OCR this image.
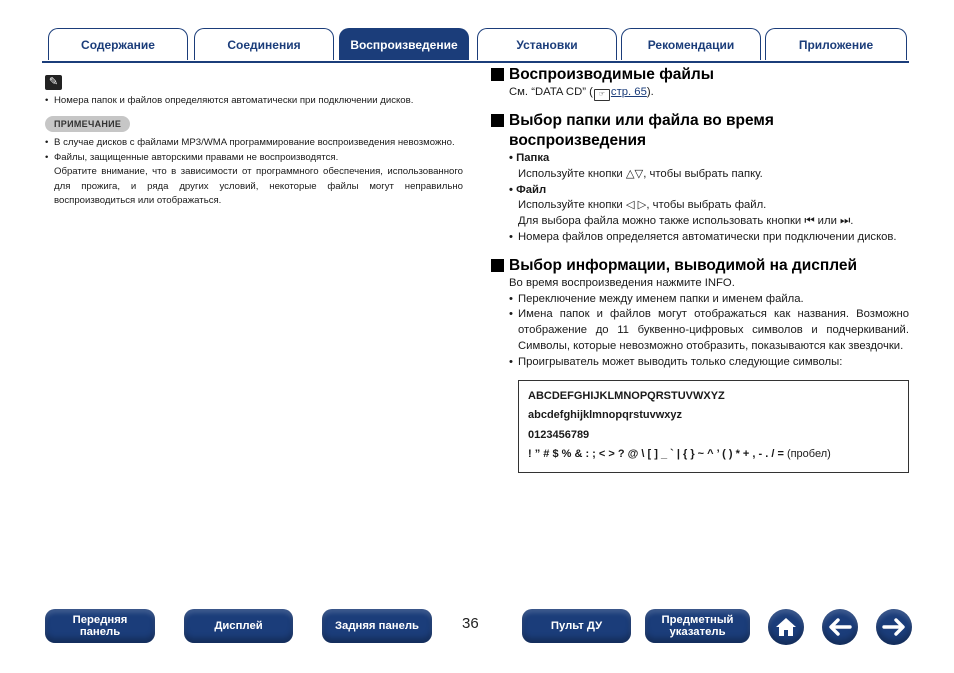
Содержание	Соединения	Воспроизведение	Установки	Рекомендации	Приложение
✎
• Номера папок и файлов определяются автоматически при подключении дисков.
ПРИМЕЧАНИЕ
• В случае дисков с файлами MP3/WMA программирование воспроизведения невозможно.
• Файлы, защищенные авторскими правами не воспроизводятся.
Обратите внимание, что в зависимости от программного обеспечения, использованного для прожига, и ряда других условий, некоторые файлы могут неправильно воспроизводиться или отображаться.
Воспроизводимые файлы
См. “DATA CD” ( ☞ стр. 65).
Выбор папки или файла во время воспроизведения
• Папка
Используйте кнопки △▽, чтобы выбрать папку.
• Файл
Используйте кнопки ◁ ▷, чтобы выбрать файл.
Для выбора файла можно также использовать кнопки ⏮ или ⏭.
• Номера файлов определяется автоматически при подключении дисков.
Выбор информации, выводимой на дисплей
Во время воспроизведения нажмите INFO.
• Переключение между именем папки и именем файла.
• Имена папок и файлов могут отображаться как названия. Возможно отображение до 11 буквенно-цифровых символов и подчеркиваний. Символы, которые невозможно отобразить, показываются как звездочки.
• Проигрыватель может выводить только следующие символы:
ABCDEFGHIJKLMNOPQRSTUVWXYZ
abcdefghijklmnopqrstuvwxyz
0123456789
! ” # $ % & : ; < > ? @ \ [ ] _ ` | { } ~ ^ ’ ( ) * + , - . / = (пробел)
Передняя
панель	Дисплей	Задняя панель	36	Пульт ДУ	Предметный
указатель
